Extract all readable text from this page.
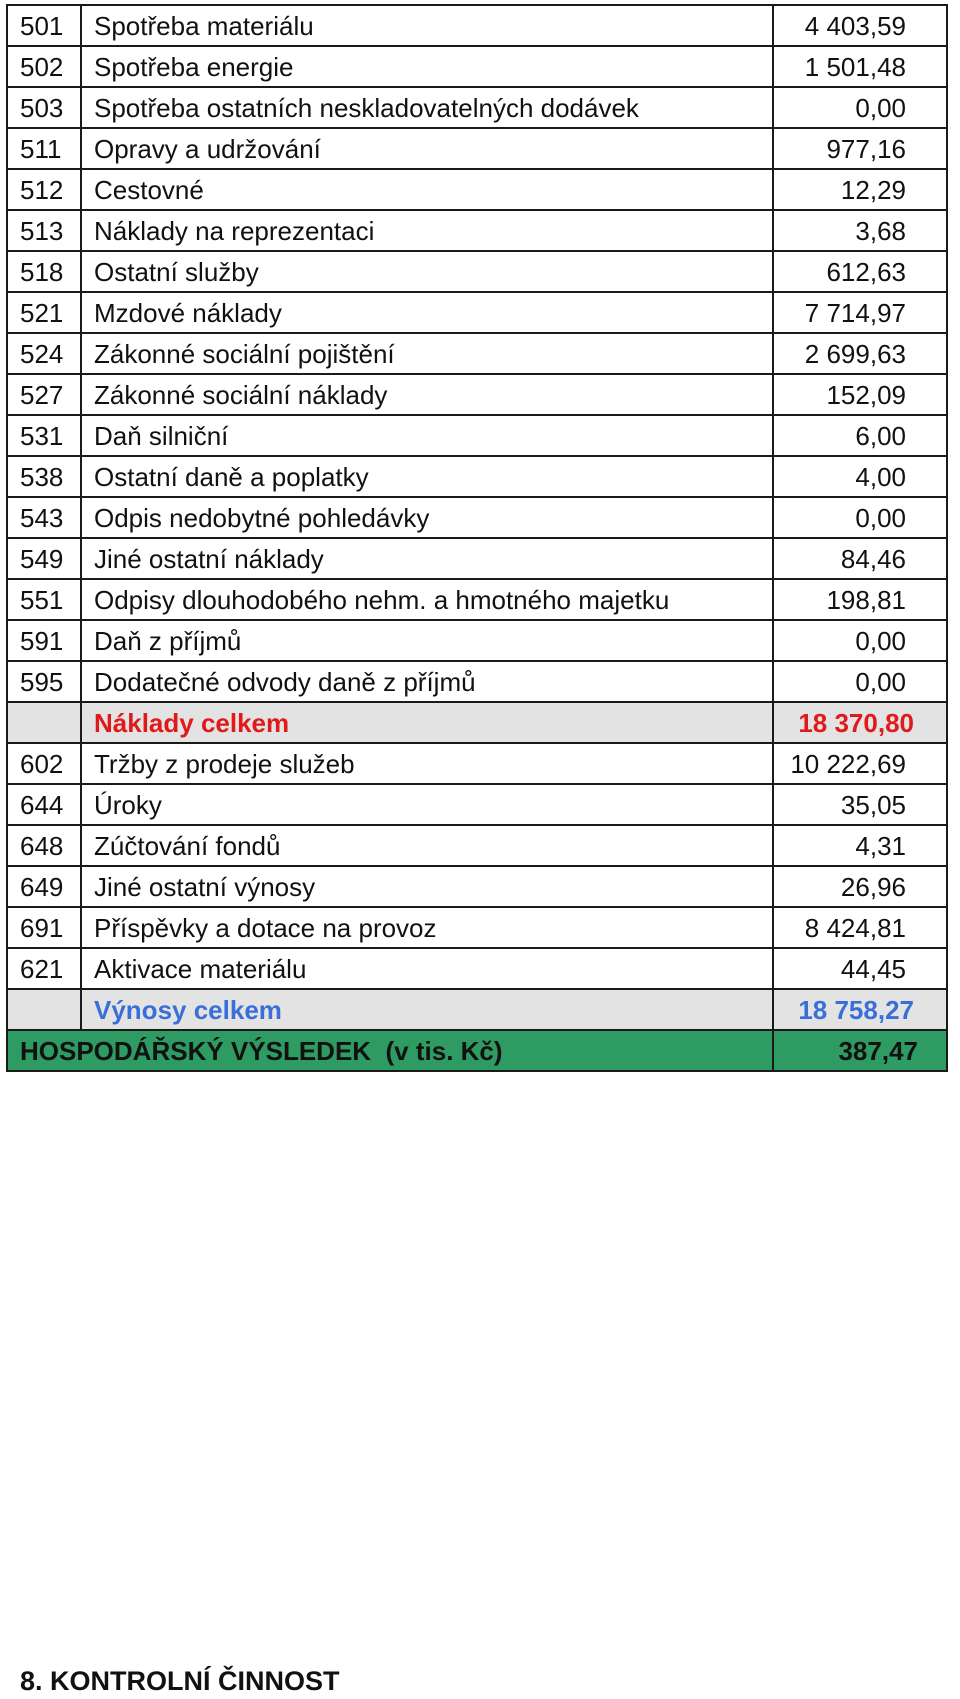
501	Spotřeba materiálu	4 403,59
502	Spotřeba energie	1 501,48
503	Spotřeba ostatních neskladovatelných dodávek	0,00
511	Opravy a udržování	977,16
512	Cestovné	12,29
513	Náklady na reprezentaci	3,68
518	Ostatní služby	612,63
521	Mzdové náklady	7 714,97
524	Zákonné sociální pojištění	2 699,63
527	Zákonné sociální náklady	152,09
531	Daň silniční	6,00
538	Ostatní daně a poplatky	4,00
543	Odpis nedobytné pohledávky	0,00
549	Jiné ostatní náklady	84,46
551	Odpisy dlouhodobého nehm. a hmotného majetku	198,81
591	Daň z příjmů	0,00
595	Dodatečné odvody daně z příjmů	0,00
	Náklady celkem	18 370,80
602	Tržby z prodeje služeb	10 222,69
644	Úroky	35,05
648	Zúčtování fondů	4,31
649	Jiné ostatní výnosy	26,96
691	Příspěvky a dotace na provoz	8 424,81
621	Aktivace materiálu	44,45
	Výnosy celkem	18 758,27
HOSPODÁŘSKÝ VÝSLEDEK  (v tis. Kč)		387,47
8. KONTROLNÍ ČINNOST
